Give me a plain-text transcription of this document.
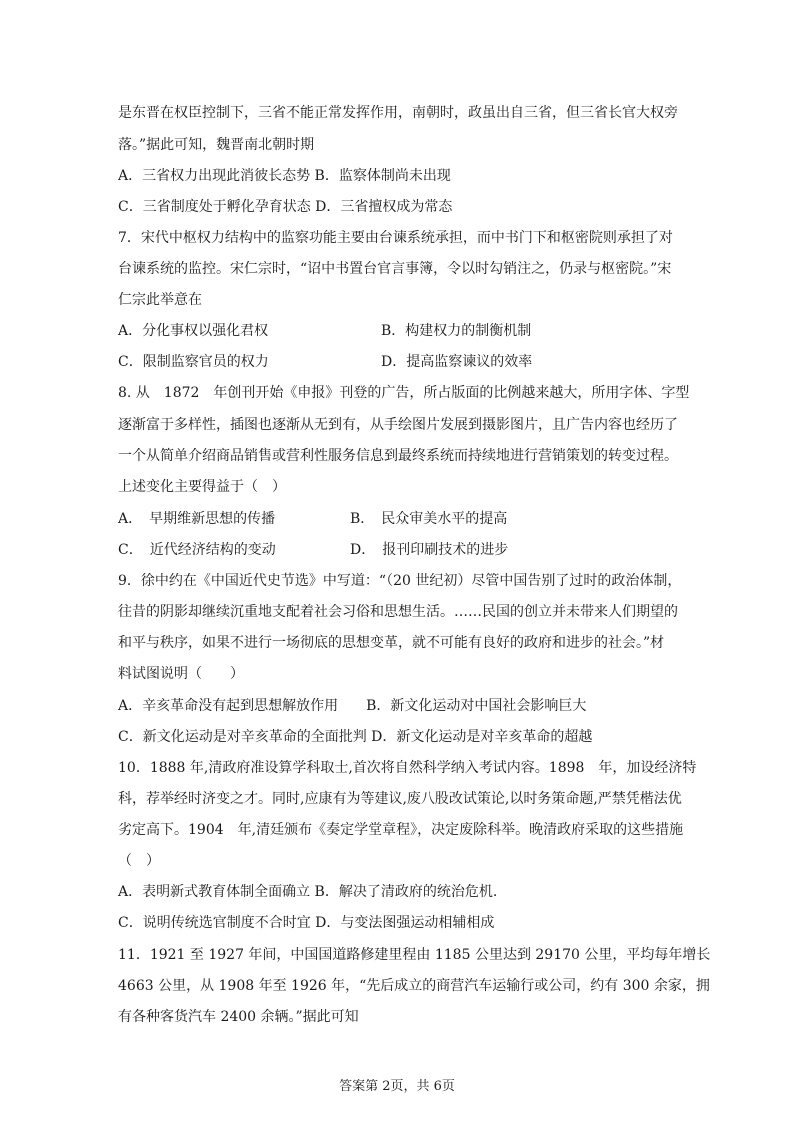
是东晋在权臣控制下，三省不能正常发挥作用，南朝时，政虽出自三省，但三省长官大权旁
落。”据此可知，魏晋南北朝时期
A．三省权力出现此消彼长态势 B．监察体制尚未出现
C．三省制度处于孵化孕育状态 D．三省擅权成为常态
7．宋代中枢权力结构中的监察功能主要由台谏系统承担，而中书门下和枢密院则承担了对
台谏系统的监控。宋仁宗时，“诏中书置台官言事簿，令以时勾销注之，仍录与枢密院。”宋
仁宗此举意在
A．分化事权以强化君权	B．构建权力的制衡机制
C．限制监察官员的权力	D．提高监察谏议的效率
8. 从　1872　年创刊开始《申报》刊登的广告，所占版面的比例越来越大，所用字体、字型
逐渐富于多样性，插图也逐渐从无到有，从手绘图片发展到摄影图片，且广告内容也经历了
一个从简单介绍商品销售或营利性服务信息到最终系统而持续地进行营销策划的转变过程。
上述变化主要得益于（　）
A．　早期维新思想的传播	B．　民众审美水平的提高
C．　近代经济结构的变动	D．　报刊印刷技术的进步
9．徐中约在《中国近代史节选》中写道：“（20 世纪初）尽管中国告别了过时的政治体制，
往昔的阴影却继续沉重地支配着社会习俗和思想生活。……民国的创立并未带来人们期望的
和平与秩序，如果不进行一场彻底的思想变革，就不可能有良好的政府和进步的社会。”材
料试图说明（　　）
A．辛亥革命没有起到思想解放作用　　B．新文化运动对中国社会影响巨大
C．新文化运动是对辛亥革命的全面批判 D．新文化运动是对辛亥革命的超越
10．1888 年,清政府准设算学科取士,首次将自然科学纳入考试内容。1898　年，加设经济特
科，荐举经时济变之才。同时,应康有为等建议,废八股改试策论,以时务策命题,严禁凭楷法优
劣定高下。1904　年,清廷颁布《奏定学堂章程》，决定废除科举。晚清政府采取的这些措施
（　）
A．表明新式教育体制全面确立 B．解决了清政府的统治危机.
C．说明传统选官制度不合时宜 D．与变法图强运动相辅相成
11．1921 至 1927 年间，中国国道路修建里程由 1185 公里达到 29170 公里，平均每年增长
4663 公里，从 1908 年至 1926 年，“先后成立的商营汽车运输行或公司，约有 300 余家，拥
有各种客货汽车 2400 余辆。”据此可知
答案第 2页，共 6页
